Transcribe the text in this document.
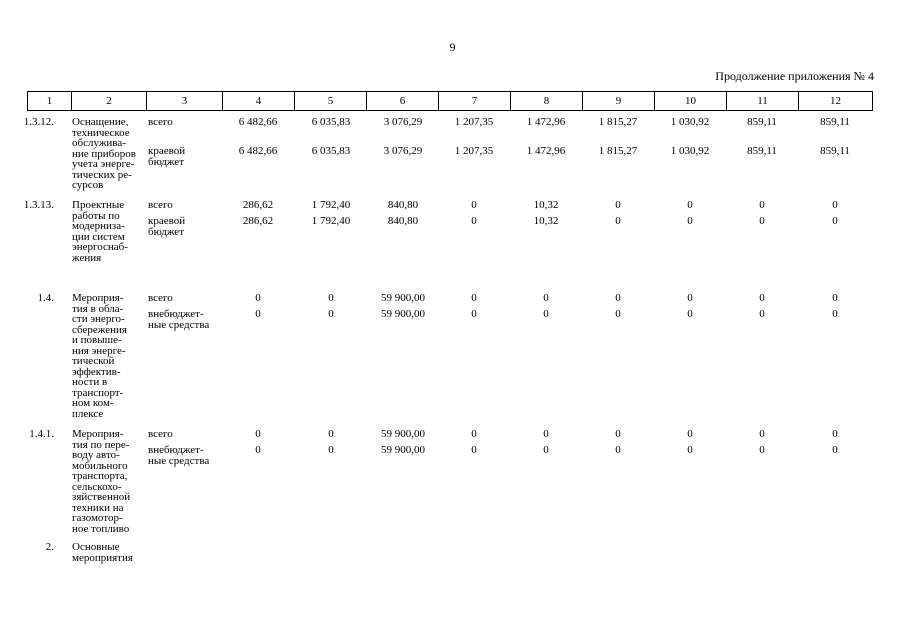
9
Продолжение приложения № 4
1	2	3	4	5	6	7	8	9	10	11	12
1.3.12. Оснащение,
техническое
обслужива-
ние приборов
учета энерге-
тических ре-
сурсов
всего	6 482,66	6 035,83	3 076,29	1 207,35	1 472,96	1 815,27	1 030,92	859,11	859,11
краевой
бюджет
6 482,66	6 035,83	3 076,29	1 207,35	1 472,96	1 815,27	1 030,92	859,11	859,11
1.3.13. Проектные
работы по
модерниза-
ции систем
энергоснаб-
жения
всего	286,62	1 792,40	840,80	0	10,32	0	0	0	0
краевой
бюджет
286,62	1 792,40	840,80	0	10,32	0	0	0	0
1.4. Мероприя-
тия в обла-
сти энерго-
сбережения
и повыше-
ния энерге-
тической
эффектив-
ности в
транспорт-
ном ком-
плексе
всего	0	0	59 900,00	0	0	0	0	0	0
внебюджет-
ные средства
0	0	59 900,00	0	0	0	0	0	0
1.4.1. Мероприя-
тия по пере-
воду авто-
мобильного
транспорта,
сельскохо-
зяйственной
техники на
газомотор-
ное топливо
всего	0	0	59 900,00	0	0	0	0	0	0
внебюджет-
ные средства
0	0	59 900,00	0	0	0	0	0	0
2. Основные
мероприятия
